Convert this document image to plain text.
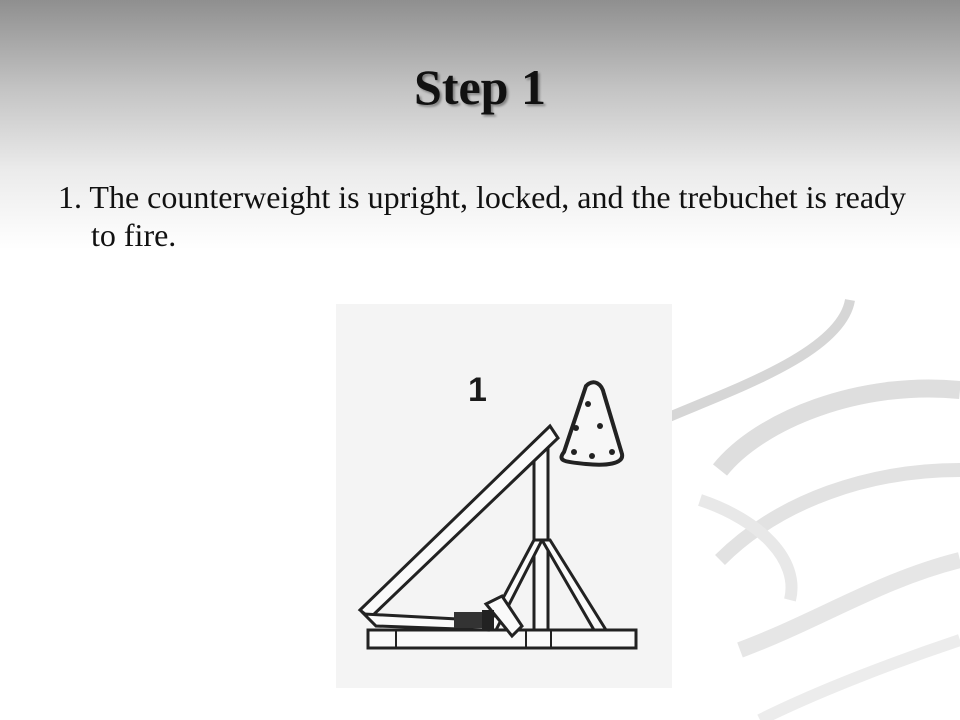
Step 1
1. The counterweight is upright, locked, and the trebuchet is ready to fire.
1
